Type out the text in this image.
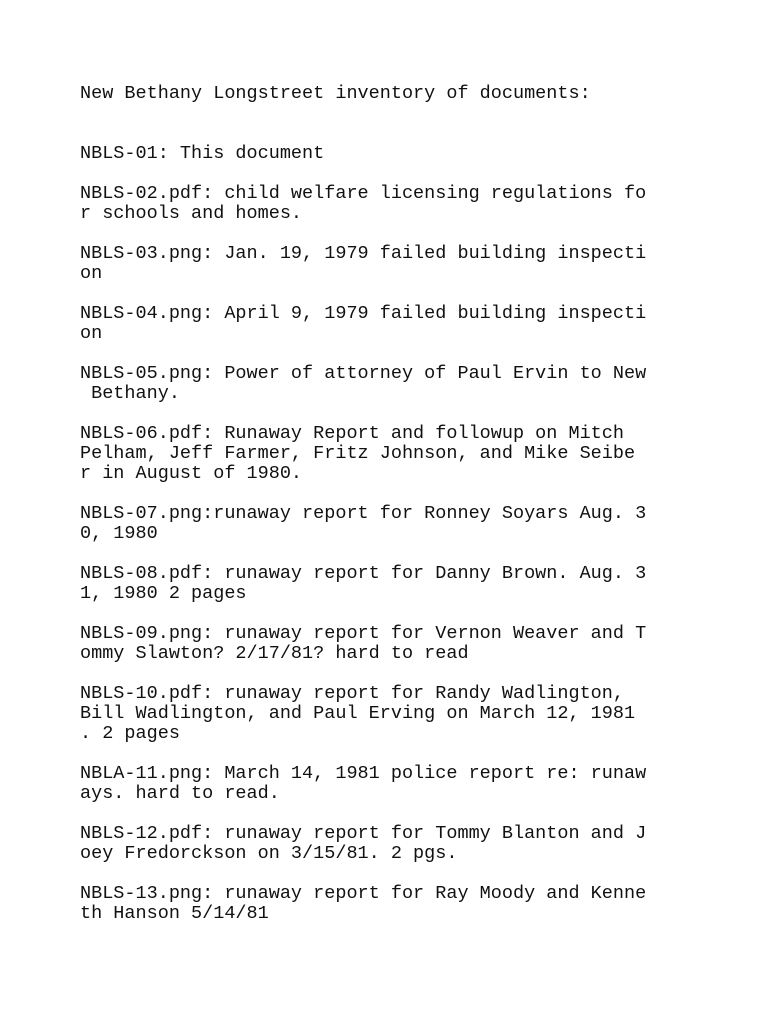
New Bethany Longstreet inventory of documents:
NBLS-01: This document
NBLS-02.pdf: child welfare licensing regulations fo
r schools and homes.
NBLS-03.png: Jan. 19, 1979 failed building inspecti
on
NBLS-04.png: April 9, 1979 failed building inspecti
on
NBLS-05.png: Power of attorney of Paul Ervin to New
Bethany.
NBLS-06.pdf: Runaway Report and followup on Mitch
Pelham, Jeff Farmer, Fritz Johnson, and Mike Seibe
r in August of 1980.
NBLS-07.png:runaway report for Ronney Soyars Aug. 3
0, 1980
NBLS-08.pdf: runaway report for Danny Brown. Aug. 3
1, 1980 2 pages
NBLS-09.png: runaway report for Vernon Weaver and T
ommy Slawton? 2/17/81? hard to read
NBLS-10.pdf: runaway report for Randy Wadlington,
Bill Wadlington, and Paul Erving on March 12, 1981
. 2 pages
NBLA-11.png: March 14, 1981 police report re: runaw
ays. hard to read.
NBLS-12.pdf: runaway report for Tommy Blanton and J
oey Fredorckson on 3/15/81. 2 pgs.
NBLS-13.png: runaway report for Ray Moody and Kenne
th Hanson 5/14/81
